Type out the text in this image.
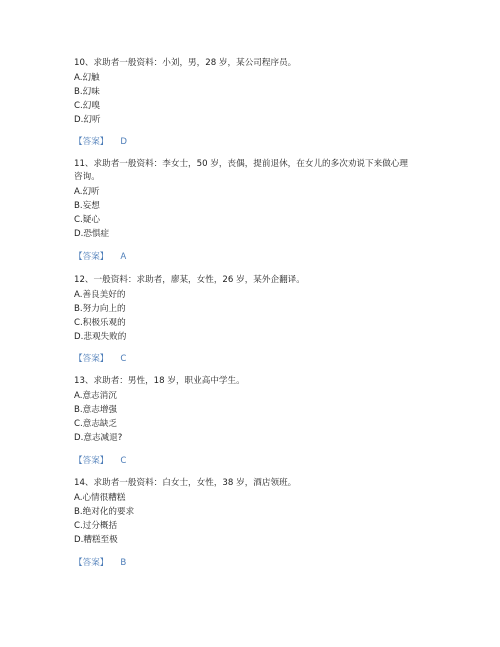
10、求助者一般资料：小刘，男，28 岁，某公司程序员。

A.幻触

B.幻味

C.幻嗅

D.幻听

【答案】 D

11、求助者一般资料：李女士，50 岁，丧偶，提前退休，在女儿的多次劝说下来做心理
咨询。

A.幻听

B.妄想

C.疑心

D.恐惧症

【答案】 A

12、一般资料：求助者，廖某，女性，26 岁，某外企翻译。

A.善良美好的

B.努力向上的

C.积极乐观的

D.悲观失败的

【答案】 C

13、求助者：男性，18 岁，职业高中学生。

A.意志消沉

B.意志增强

C.意志缺乏

D.意志减退?

【答案】 C

14、求助者一般资料：白女士，女性，38 岁，酒店领班。

A.心情很糟糕

B.绝对化的要求

C.过分概括

D.糟糕至极

【答案】 B
